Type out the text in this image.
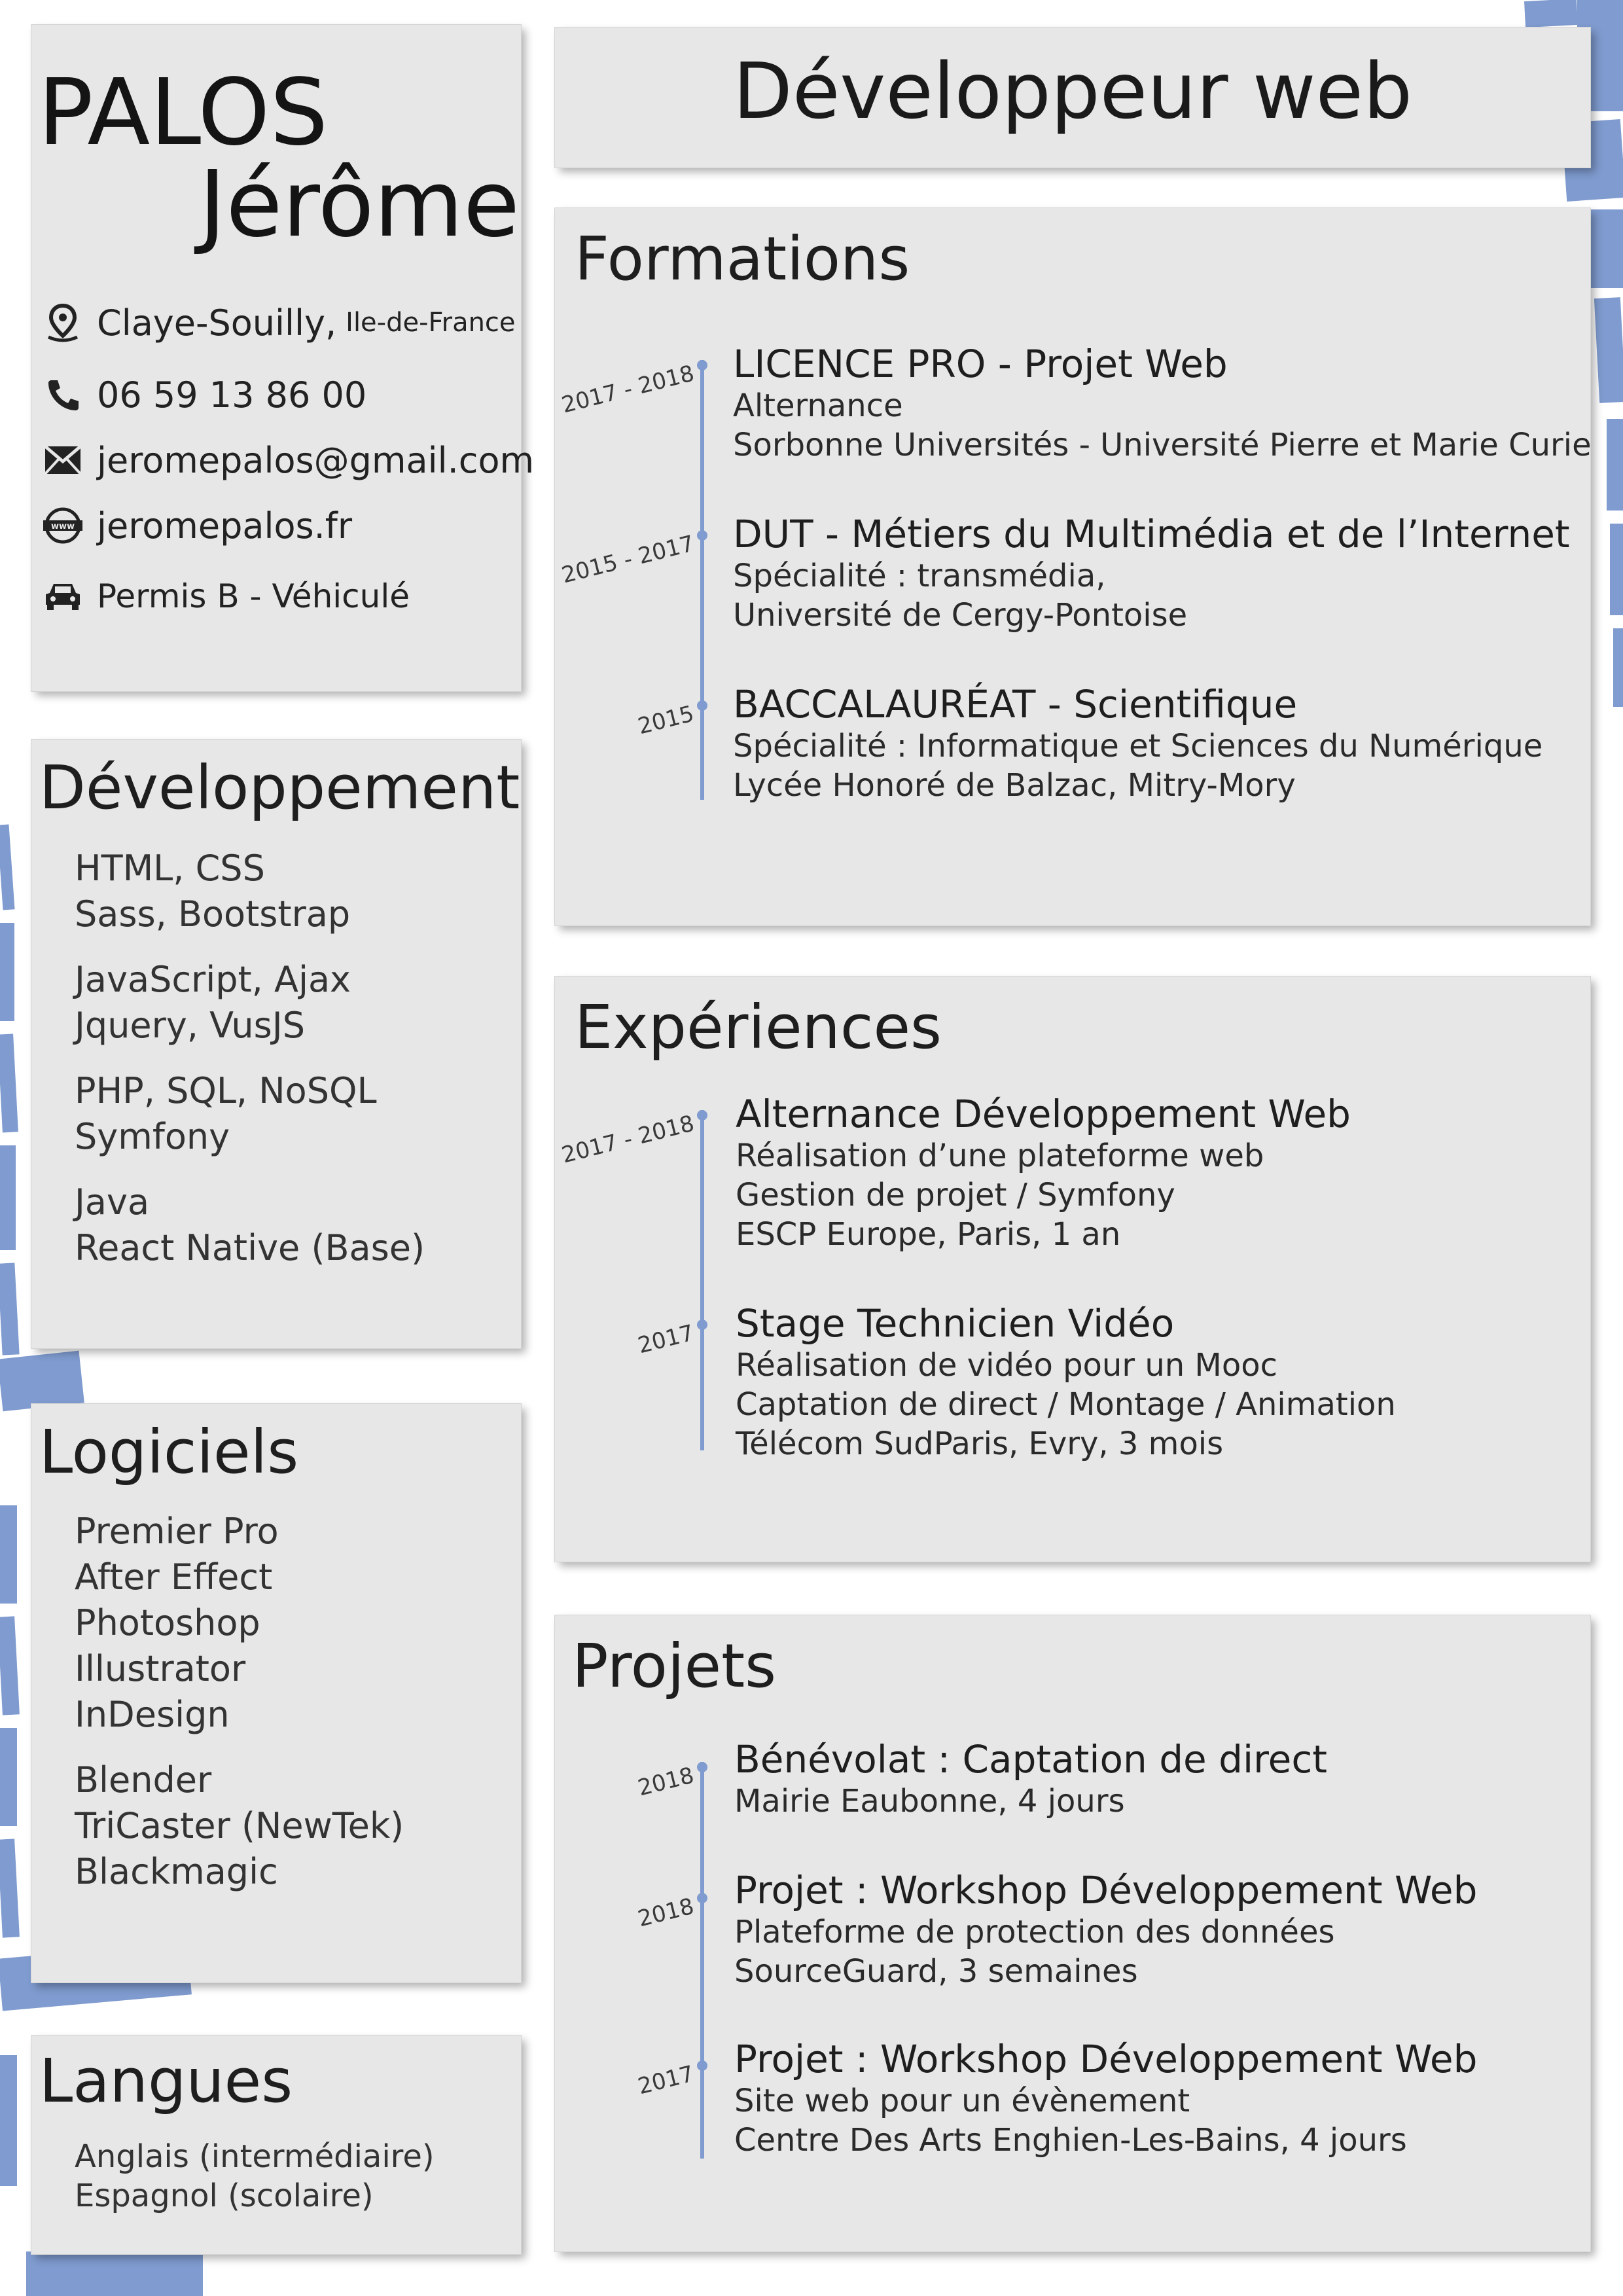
PALOS
Jérôme
Claye-Souilly, Ile-de-France
06 59 13 86 00
jeromepalos@gmail.com
www jeromepalos.fr
Permis B - Véhiculé
Développeur web
Développement
HTML, CSS
Sass, Bootstrap
JavaScript, Ajax
Jquery, VusJS
PHP, SQL, NoSQL
Symfony
Java
React Native (Base)
Logiciels
Premier Pro
After Effect
Photoshop
Illustrator
InDesign
Blender
TriCaster (NewTek)
Blackmagic
Langues
Anglais (intermédiaire)
Espagnol (scolaire)
Formations
2017 - 2018 LICENCE PRO - Projet Web
Alternance
Sorbonne Universités - Université Pierre et Marie Curie
2015 - 2017 DUT - Métiers du Multimédia et de l’Internet
Spécialité : transmédia,
Université de Cergy-Pontoise
2015 BACCALAURÉAT - Scientifique
Spécialité : Informatique et Sciences du Numérique
Lycée Honoré de Balzac, Mitry-Mory
Expériences
2017 - 2018 Alternance Développement Web
Réalisation d’une plateforme web
Gestion de projet / Symfony
ESCP Europe, Paris, 1 an
2017 Stage Technicien Vidéo
Réalisation de vidéo pour un Mooc
Captation de direct / Montage / Animation
Télécom SudParis, Evry, 3 mois
Projets
2018
Bénévolat : Captation de direct
Mairie Eaubonne, 4 jours
2018
Projet : Workshop Développement Web
Plateforme de protection des données
SourceGuard, 3 semaines
2017 Projet : Workshop Développement Web
Site web pour un évènement
Centre Des Arts Enghien-Les-Bains, 4 jours
